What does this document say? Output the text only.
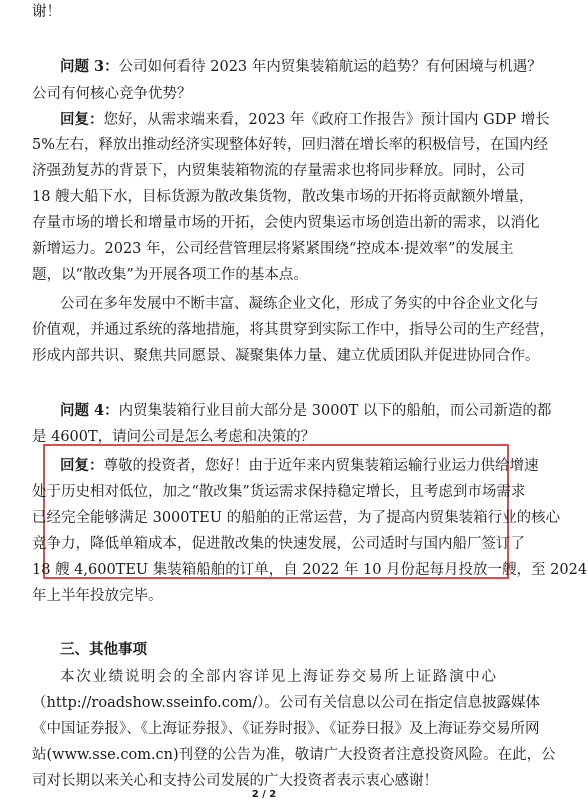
谢！
问题 3：公司如何看待 2023 年内贸集装箱航运的趋势？有何困境与机遇？
公司有何核心竞争优势？
回复：您好，从需求端来看，2023 年《政府工作报告》预计国内 GDP 增长
5%左右，释放出推动经济实现整体好转，回归潜在增长率的积极信号，在国内经
济强劲复苏的背景下，内贸集装箱物流的存量需求也将同步释放。同时，公司
18 艘大船下水，目标货源为散改集货物，散改集市场的开拓将贡献额外增量，
存量市场的增长和增量市场的开拓，会使内贸集运市场创造出新的需求，以消化
新增运力。2023 年，公司经营管理层将紧紧围绕“控成本·提效率”的发展主
题，以“散改集”为开展各项工作的基本点。
公司在多年发展中不断丰富、凝练企业文化，形成了务实的中谷企业文化与
价值观，并通过系统的落地措施，将其贯穿到实际工作中，指导公司的生产经营，
形成内部共识、聚焦共同愿景、凝聚集体力量、建立优质团队并促进协同合作。
问题 4：内贸集装箱行业目前大部分是 3000T 以下的船舶，而公司新造的都
是 4600T，请问公司是怎么考虑和决策的？
回复：尊敬的投资者，您好！由于近年来内贸集装箱运输行业运力供给增速
处于历史相对低位，加之“散改集”货运需求保持稳定增长，且考虑到市场需求
已经完全能够满足 3000TEU 的船舶的正常运营，为了提高内贸集装箱行业的核心
竞争力，降低单箱成本，促进散改集的快速发展，公司适时与国内船厂签订了
18 艘 4,600TEU 集装箱船舶的订单，自 2022 年 10 月份起每月投放一艘，至 2024
年上半年投放完毕。
三、其他事项
本次业绩说明会的全部内容详见上海证券交易所上证路演中心
（http://roadshow.sseinfo.com/）。公司有关信息以公司在指定信息披露媒体
《中国证券报》、《上海证券报》、《证券时报》、《证券日报》及上海证券交易所网
站(www.sse.com.cn)刊登的公告为准，敬请广大投资者注意投资风险。在此，公
司对长期以来关心和支持公司发展的广大投资者表示衷心感谢！
2 / 2
